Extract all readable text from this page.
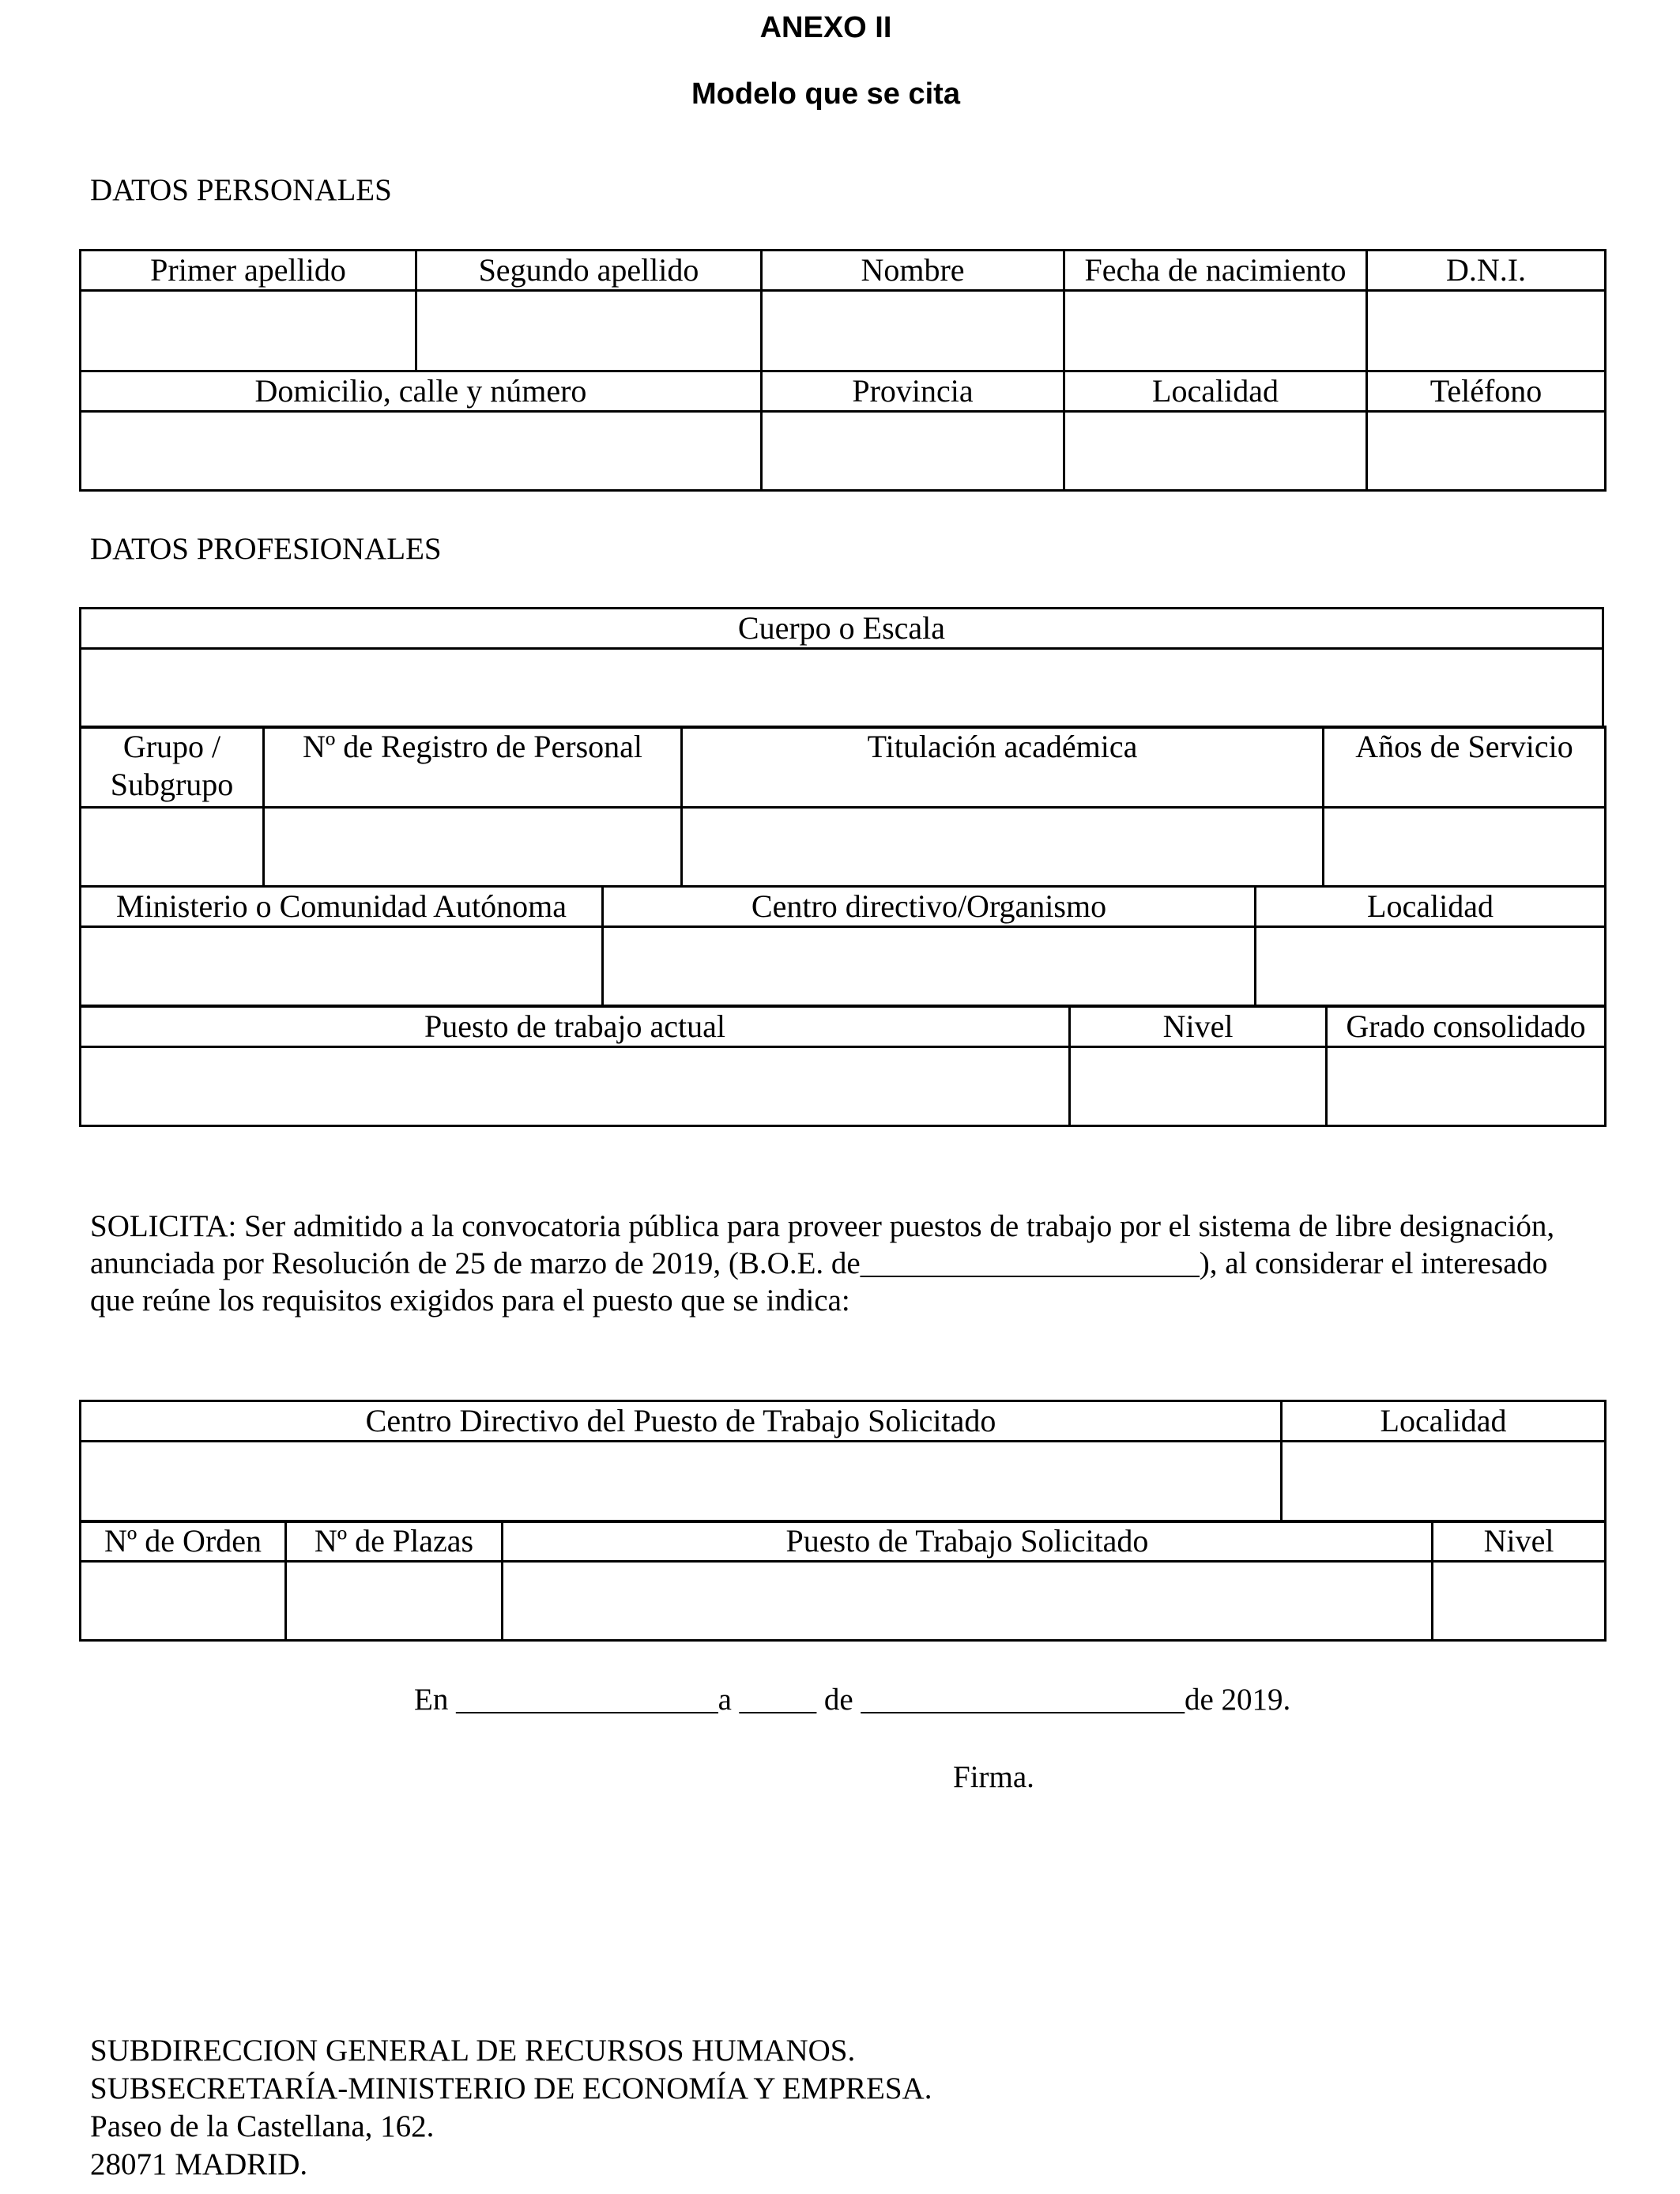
ANEXO II
Modelo que se cita
DATOS PERSONALES
Primer apellido	Segundo apellido	Nombre	Fecha de nacimiento	D.N.I.

Domicilio, calle y número		Provincia	Localidad	Teléfono

DATOS PROFESIONALES
Cuerpo o Escala

Grupo / Subgrupo	Nº de Registro de Personal	Titulación académica	Años de Servicio

Ministerio o Comunidad Autónoma	Centro directivo/Organismo	Localidad

Puesto de trabajo actual	Nivel	Grado consolidado

SOLICITA: Ser admitido a la convocatoria pública para proveer puestos de trabajo por el sistema de libre designación, anunciada por Resolución de 25 de marzo de 2019, (B.O.E. de______________________), al considerar el interesado que reúne los requisitos exigidos para el puesto que se indica:
Centro Directivo del Puesto de Trabajo Solicitado	Localidad

Nº de Orden	Nº de Plazas	Puesto de Trabajo Solicitado	Nivel

En _________________a _____ de _____________________de 2019.
Firma.
SUBDIRECCION GENERAL DE RECURSOS HUMANOS.
SUBSECRETARÍA-MINISTERIO DE ECONOMÍA Y EMPRESA.
Paseo de la Castellana, 162.
28071 MADRID.
